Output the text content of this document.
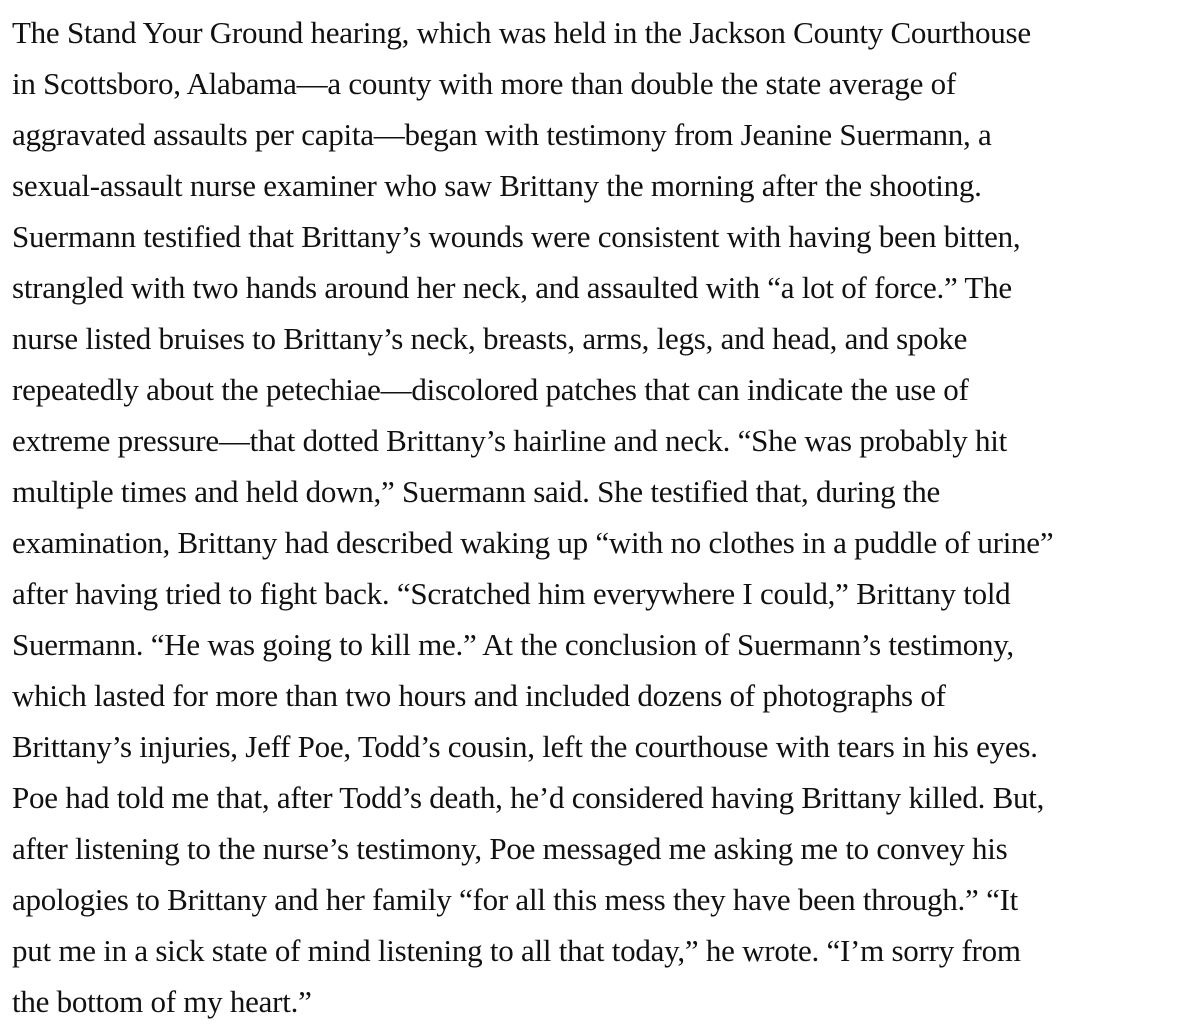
The Stand Your Ground hearing, which was held in the Jackson County Courthouse
in Scottsboro, Alabama—a county with more than double the state average of
aggravated assaults per capita—began with testimony from Jeanine Suermann, a
sexual-assault nurse examiner who saw Brittany the morning after the shooting.
Suermann testified that Brittany’s wounds were consistent with having been bitten,
strangled with two hands around her neck, and assaulted with “a lot of force.” The
nurse listed bruises to Brittany’s neck, breasts, arms, legs, and head, and spoke
repeatedly about the petechiae—discolored patches that can indicate the use of
extreme pressure—that dotted Brittany’s hairline and neck. “She was probably hit
multiple times and held down,” Suermann said. She testified that, during the
examination, Brittany had described waking up “with no clothes in a puddle of urine”
after having tried to fight back. “Scratched him everywhere I could,” Brittany told
Suermann. “He was going to kill me.” At the conclusion of Suermann’s testimony,
which lasted for more than two hours and included dozens of photographs of
Brittany’s injuries, Jeff Poe, Todd’s cousin, left the courthouse with tears in his eyes.
Poe had told me that, after Todd’s death, he’d considered having Brittany killed. But,
after listening to the nurse’s testimony, Poe messaged me asking me to convey his
apologies to Brittany and her family “for all this mess they have been through.” “It
put me in a sick state of mind listening to all that today,” he wrote. “I’m sorry from
the bottom of my heart.”
